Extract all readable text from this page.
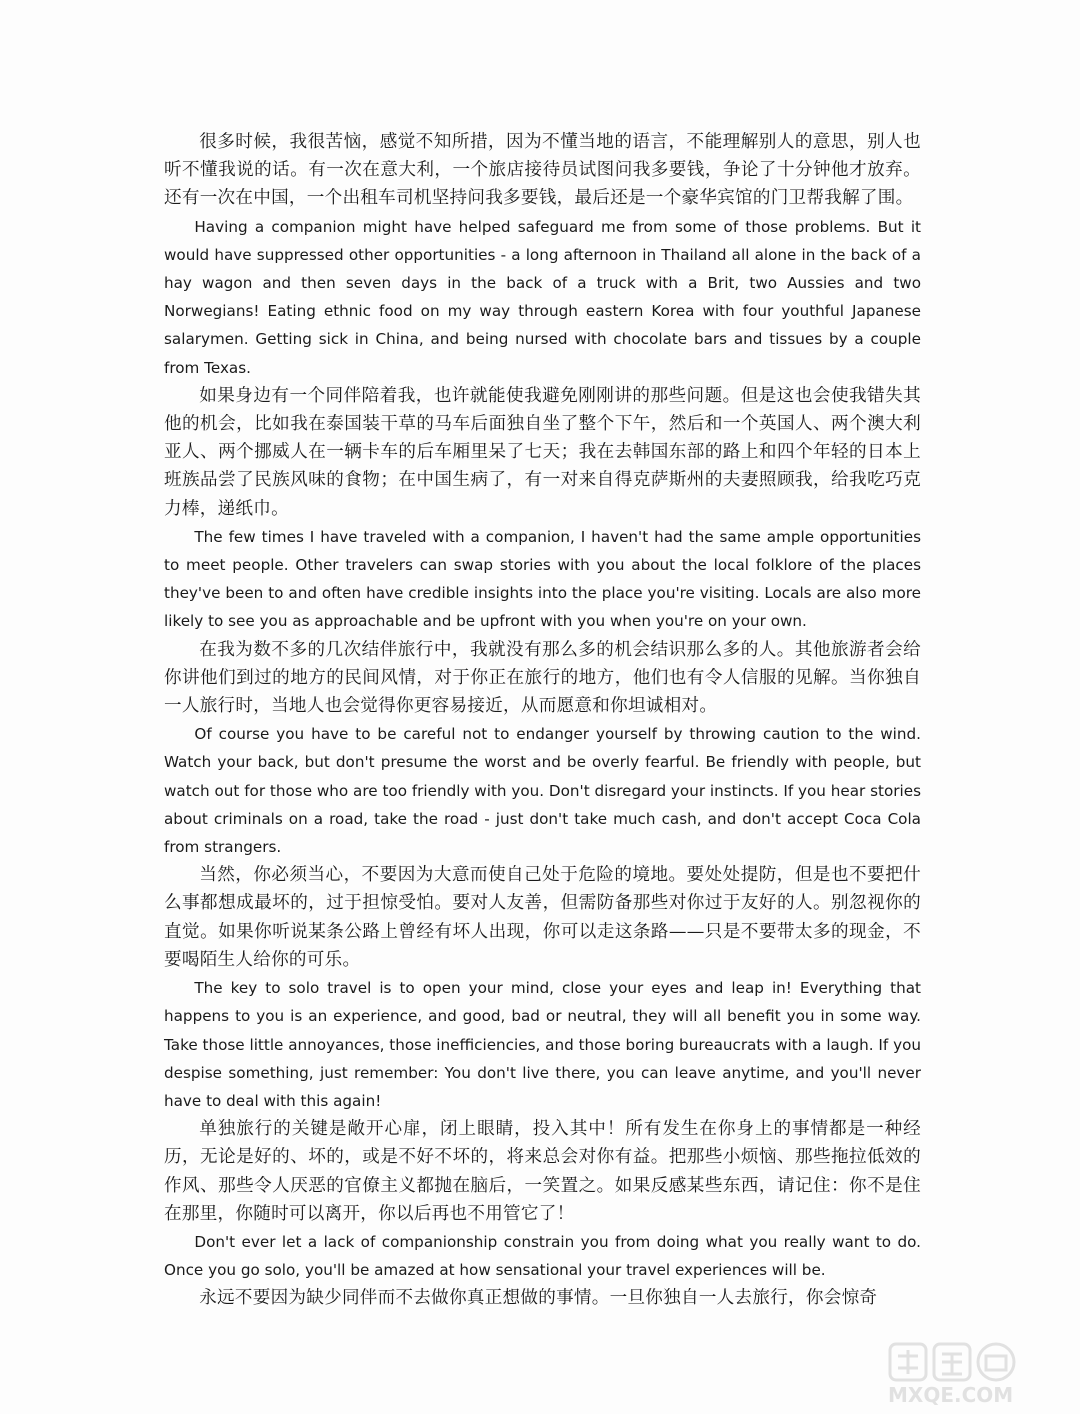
很多时候，我很苦恼，感觉不知所措，因为不懂当地的语言，不能理解别人的意思，别人也听不懂我说的话。有一次在意大利，一个旅店接待员试图问我多要钱，争论了十分钟他才放弃。还有一次在中国，一个出租车司机坚持问我多要钱，最后还是一个豪华宾馆的门卫帮我解了围。

Having a companion might have helped safeguard me from some of those problems. But it would have suppressed other opportunities - a long afternoon in Thailand all alone in the back of a hay wagon and then seven days in the back of a truck with a Brit, two Aussies and two Norwegians! Eating ethnic food on my way through eastern Korea with four youthful Japanese salarymen. Getting sick in China, and being nursed with chocolate bars and tissues by a couple from Texas.

如果身边有一个同伴陪着我，也许就能使我避免刚刚讲的那些问题。但是这也会使我错失其他的机会，比如我在泰国装干草的马车后面独自坐了整个下午，然后和一个英国人、两个澳大利亚人、两个挪威人在一辆卡车的后车厢里呆了七天；我在去韩国东部的路上和四个年轻的日本上班族品尝了民族风味的食物；在中国生病了，有一对来自得克萨斯州的夫妻照顾我，给我吃巧克力棒，递纸巾。

The few times I have traveled with a companion, I haven't had the same ample opportunities to meet people. Other travelers can swap stories with you about the local folklore of the places they've been to and often have credible insights into the place you're visiting. Locals are also more likely to see you as approachable and be upfront with you when you're on your own.

在我为数不多的几次结伴旅行中，我就没有那么多的机会结识那么多的人。其他旅游者会给你讲他们到过的地方的民间风情，对于你正在旅行的地方，他们也有令人信服的见解。当你独自一人旅行时，当地人也会觉得你更容易接近，从而愿意和你坦诚相对。

Of course you have to be careful not to endanger yourself by throwing caution to the wind. Watch your back, but don't presume the worst and be overly fearful. Be friendly with people, but watch out for those who are too friendly with you. Don't disregard your instincts. If you hear stories about criminals on a road, take the road - just don't take much cash, and don't accept Coca Cola from strangers.

当然，你必须当心，不要因为大意而使自己处于危险的境地。要处处提防，但是也不要把什么事都想成最坏的，过于担惊受怕。要对人友善，但需防备那些对你过于友好的人。别忽视你的直觉。如果你听说某条公路上曾经有坏人出现，你可以走这条路——只是不要带太多的现金，不要喝陌生人给你的可乐。

The key to solo travel is to open your mind, close your eyes and leap in! Everything that happens to you is an experience, and good, bad or neutral, they will all benefit you in some way. Take those little annoyances, those inefficiencies, and those boring bureaucrats with a laugh. If you despise something, just remember: You don't live there, you can leave anytime, and you'll never have to deal with this again!

单独旅行的关键是敞开心扉，闭上眼睛，投入其中！所有发生在你身上的事情都是一种经历，无论是好的、坏的，或是不好不坏的，将来总会对你有益。把那些小烦恼、那些拖拉低效的作风、那些令人厌恶的官僚主义都抛在脑后，一笑置之。如果反感某些东西，请记住：你不是住在那里，你随时可以离开，你以后再也不用管它了！

Don't ever let a lack of companionship constrain you from doing what you really want to do. Once you go solo, you'll be amazed at how sensational your travel experiences will be.

永远不要因为缺少同伴而不去做你真正想做的事情。一旦你独自一人去旅行，你会惊奇

MXQE.COM
